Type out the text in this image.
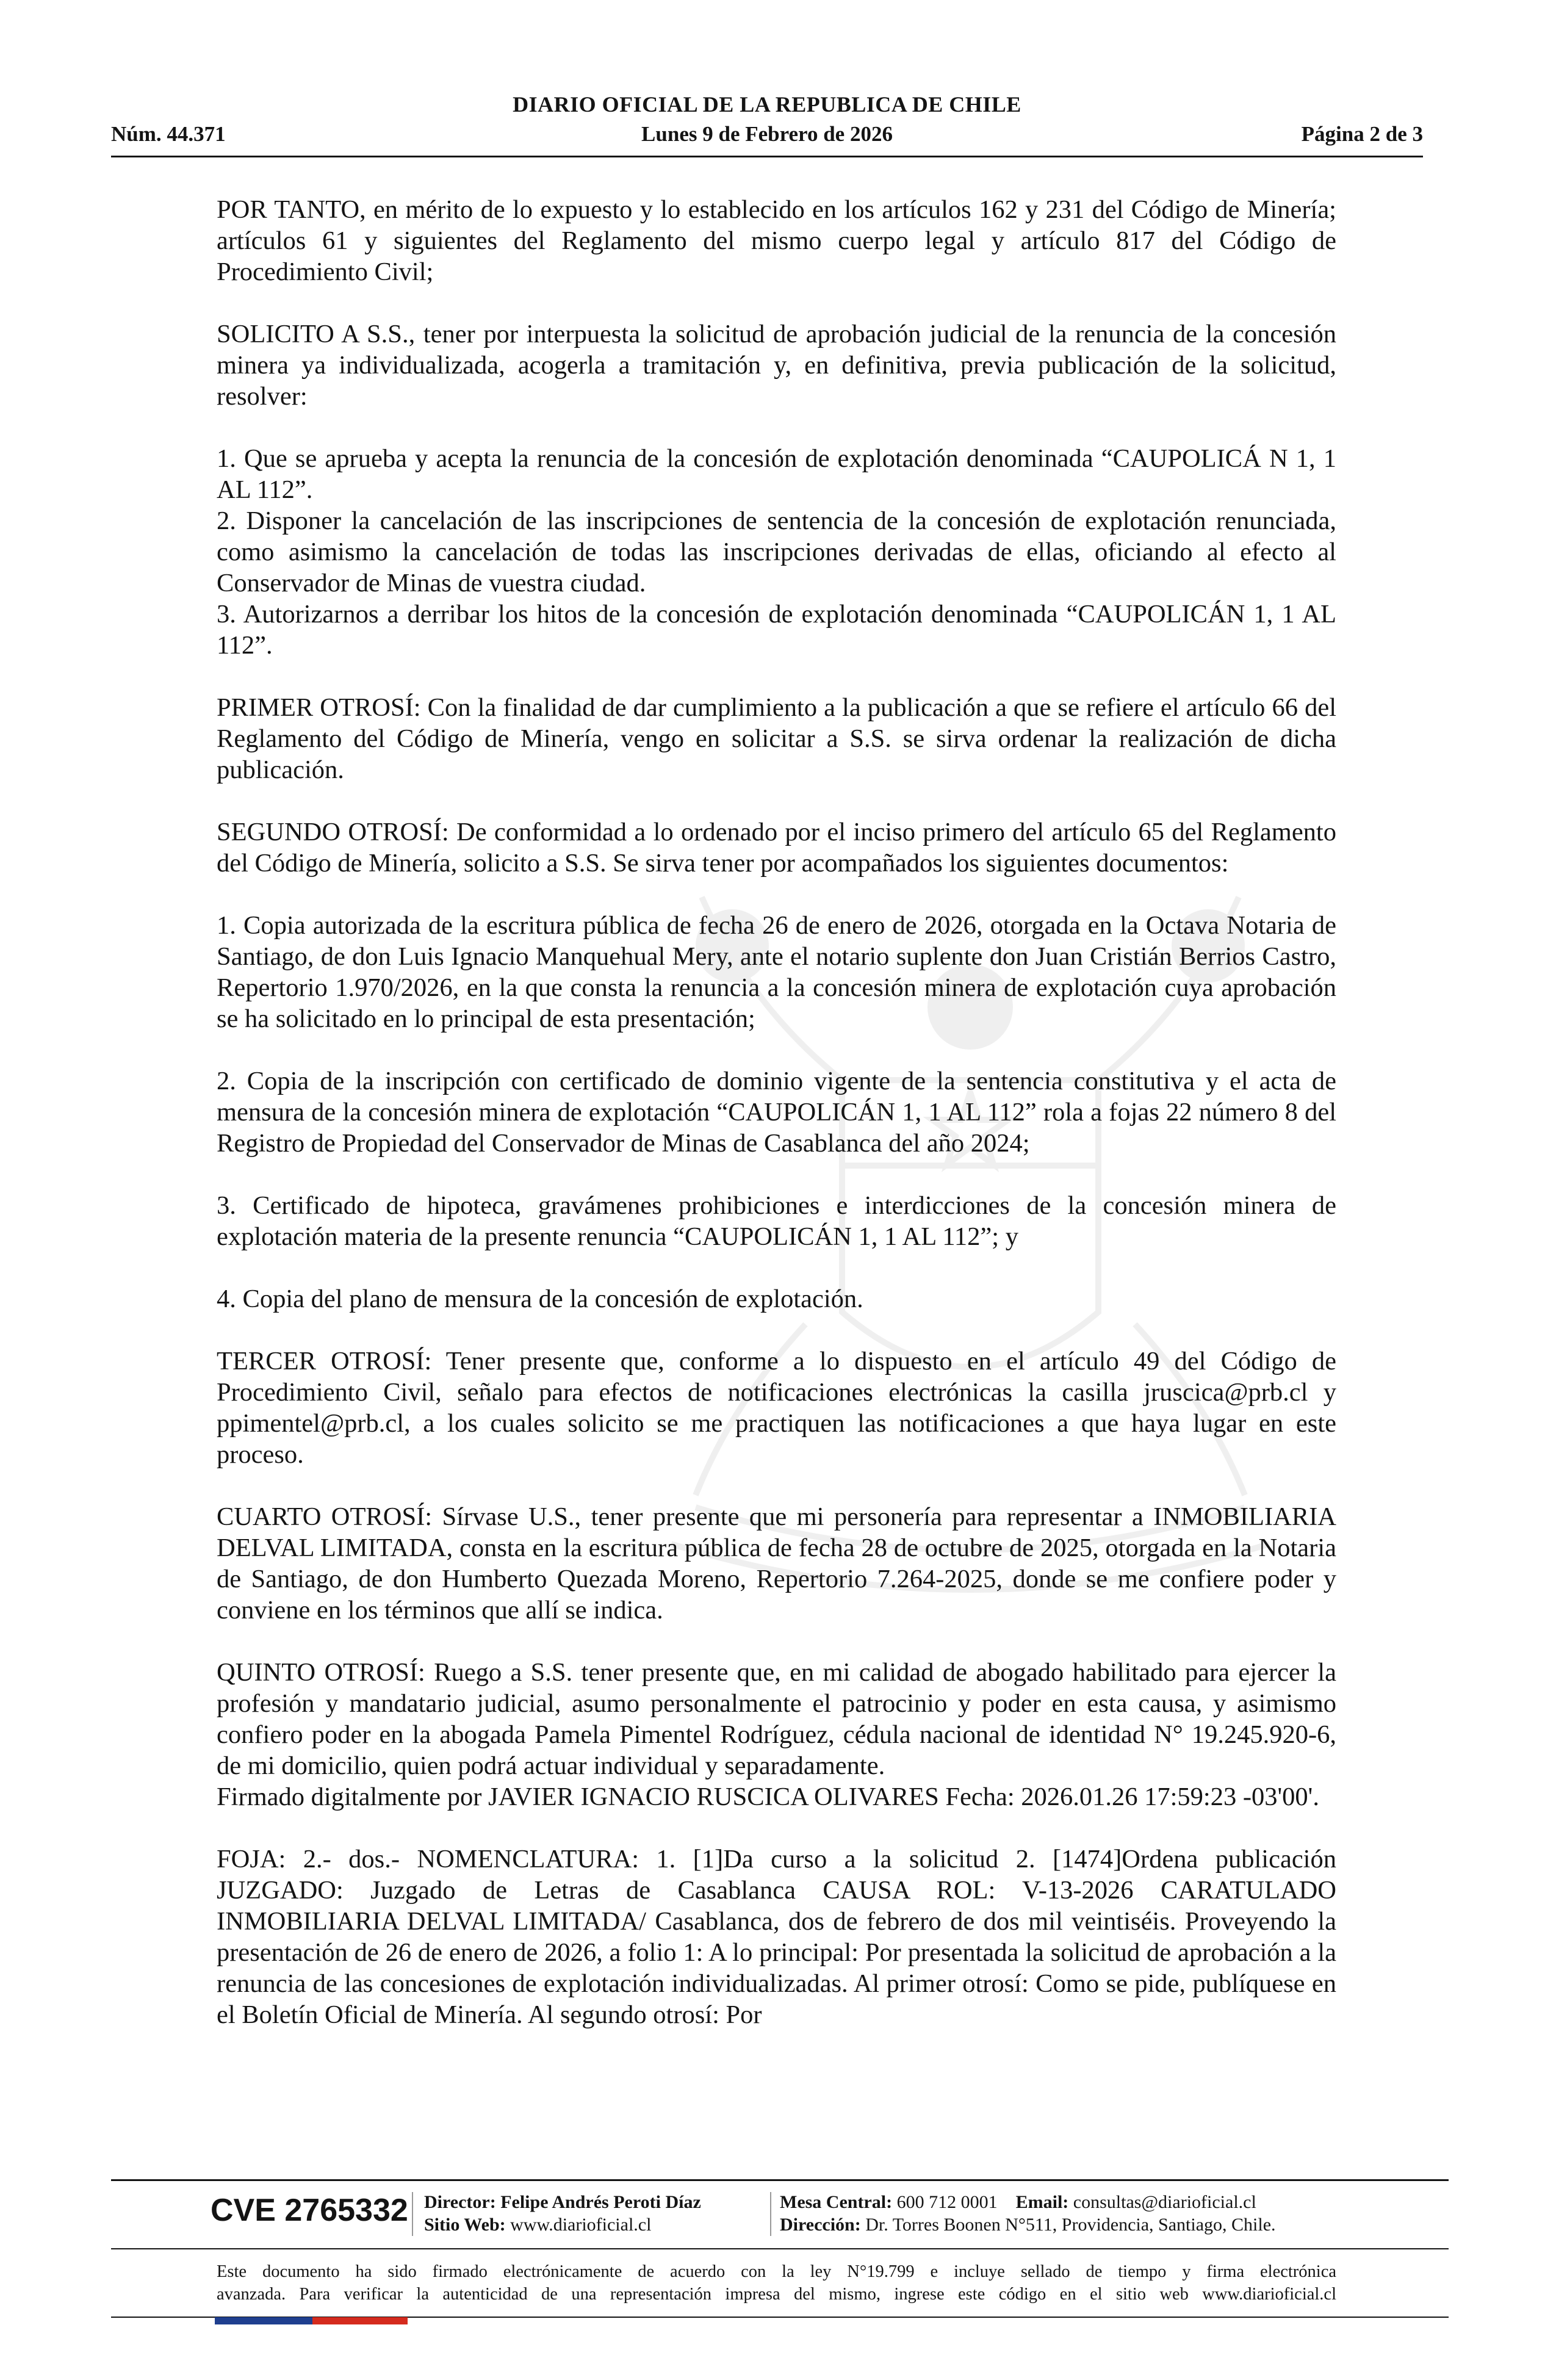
DIARIO OFICIAL DE LA REPUBLICA DE CHILE
Núm. 44.371	Lunes 9 de Febrero de 2026	Página 2 de 3

POR TANTO, en mérito de lo expuesto y lo establecido en los artículos 162 y 231 del Código de Minería; artículos 61 y siguientes del Reglamento del mismo cuerpo legal y artículo 817 del Código de Procedimiento Civil;

SOLICITO A S.S., tener por interpuesta la solicitud de aprobación judicial de la renuncia de la concesión minera ya individualizada, acogerla a tramitación y, en definitiva, previa publicación de la solicitud, resolver:

1. Que se aprueba y acepta la renuncia de la concesión de explotación denominada “CAUPOLICÁ N 1, 1 AL 112”.

2. Disponer la cancelación de las inscripciones de sentencia de la concesión de explotación renunciada, como asimismo la cancelación de todas las inscripciones derivadas de ellas, oficiando al efecto al Conservador de Minas de vuestra ciudad.

3. Autorizarnos a derribar los hitos de la concesión de explotación denominada “CAUPOLICÁN 1, 1 AL 112”.

PRIMER OTROSÍ: Con la finalidad de dar cumplimiento a la publicación a que se refiere el artículo 66 del Reglamento del Código de Minería, vengo en solicitar a S.S. se sirva ordenar la realización de dicha publicación.

SEGUNDO OTROSÍ: De conformidad a lo ordenado por el inciso primero del artículo 65 del Reglamento del Código de Minería, solicito a S.S. Se sirva tener por acompañados los siguientes documentos:

1. Copia autorizada de la escritura pública de fecha 26 de enero de 2026, otorgada en la Octava Notaria de Santiago, de don Luis Ignacio Manquehual Mery, ante el notario suplente don Juan Cristián Berrios Castro, Repertorio 1.970/2026, en la que consta la renuncia a la concesión minera de explotación cuya aprobación se ha solicitado en lo principal de esta presentación;

2. Copia de la inscripción con certificado de dominio vigente de la sentencia constitutiva y el acta de mensura de la concesión minera de explotación “CAUPOLICÁN 1, 1 AL 112” rola a fojas 22 número 8 del Registro de Propiedad del Conservador de Minas de Casablanca del año 2024;

3. Certificado de hipoteca, gravámenes prohibiciones e interdicciones de la concesión minera de explotación materia de la presente renuncia “CAUPOLICÁN 1, 1 AL 112”; y

4. Copia del plano de mensura de la concesión de explotación.

TERCER OTROSÍ: Tener presente que, conforme a lo dispuesto en el artículo 49 del Código de Procedimiento Civil, señalo para efectos de notificaciones electrónicas la casilla jruscica@prb.cl y ppimentel@prb.cl, a los cuales solicito se me practiquen las notificaciones a que haya lugar en este proceso.

CUARTO OTROSÍ: Sírvase U.S., tener presente que mi personería para representar a INMOBILIARIA DELVAL LIMITADA, consta en la escritura pública de fecha 28 de octubre de 2025, otorgada en la Notaria de Santiago, de don Humberto Quezada Moreno, Repertorio 7.264-2025, donde se me confiere poder y conviene en los términos que allí se indica.

QUINTO OTROSÍ: Ruego a S.S. tener presente que, en mi calidad de abogado habilitado para ejercer la profesión y mandatario judicial, asumo personalmente el patrocinio y poder en esta causa, y asimismo confiero poder en la abogada Pamela Pimentel Rodríguez, cédula nacional de identidad N° 19.245.920-6, de mi domicilio, quien podrá actuar individual y separadamente.

Firmado digitalmente por JAVIER IGNACIO RUSCICA OLIVARES Fecha: 2026.01.26 17:59:23 -03'00'.

FOJA: 2.- dos.- NOMENCLATURA: 1. [1]Da curso a la solicitud 2. [1474]Ordena publicación JUZGADO: Juzgado de Letras de Casablanca CAUSA ROL: V-13-2026 CARATULADO INMOBILIARIA DELVAL LIMITADA/ Casablanca, dos de febrero de dos mil veintiséis. Proveyendo la presentación de 26 de enero de 2026, a folio 1: A lo principal: Por presentada la solicitud de aprobación a la renuncia de las concesiones de explotación individualizadas. Al primer otrosí: Como se pide, publíquese en el Boletín Oficial de Minería. Al segundo otrosí: Por

CVE 2765332 Director: Felipe Andrés Peroti Díaz
Sitio Web: www.diarioficial.cl
Mesa Central: 600 712 0001 Email: consultas@diarioficial.cl
Dirección: Dr. Torres Boonen N°511, Providencia, Santiago, Chile.
Este documento ha sido firmado electrónicamente de acuerdo con la ley N°19.799 e incluye sellado de tiempo y firma electrónica
avanzada. Para verificar la autenticidad de una representación impresa del mismo, ingrese este código en el sitio web www.diarioficial.cl
